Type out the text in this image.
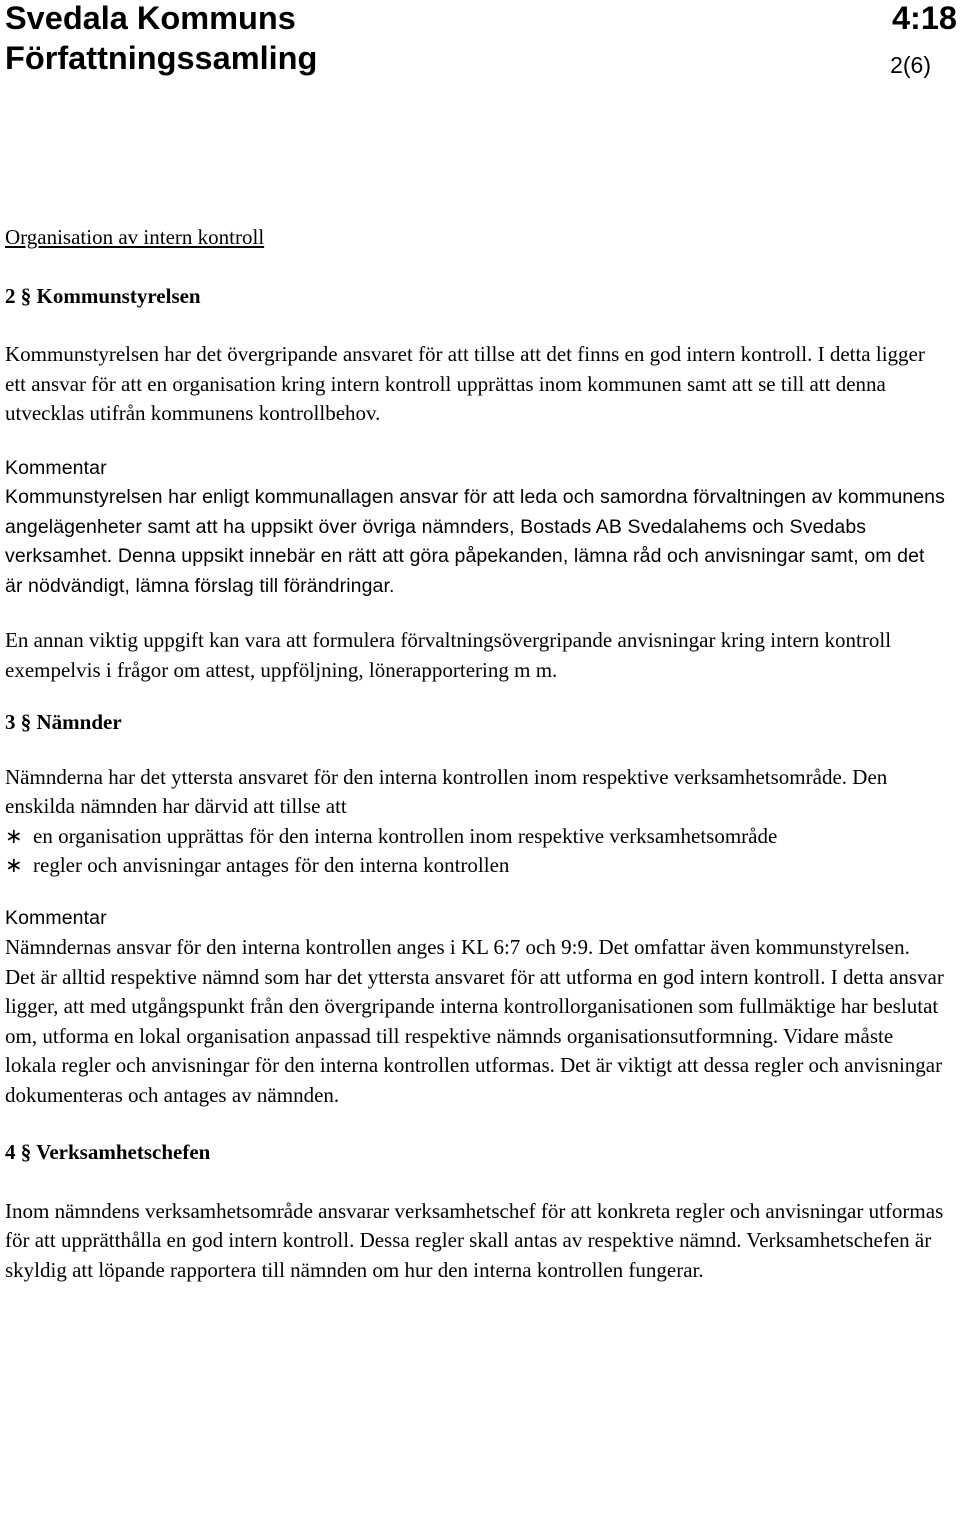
Svedala Kommuns
Författningssamling
4:18
2(6)

Organisation av intern kontroll

2 § Kommunstyrelsen

Kommunstyrelsen har det övergripande ansvaret för att tillse att det finns en god intern kontroll. I detta ligger ett ansvar för att en organisation kring intern kontroll upprättas inom kommunen samt att se till att denna utvecklas utifrån kommunens kontrollbehov.

Kommentar

Kommunstyrelsen har enligt kommunallagen ansvar för att leda och samordna förvaltningen av kommunens angelägenheter samt att ha uppsikt över övriga nämnders, Bostads AB Svedalahems och Svedabs verksamhet. Denna uppsikt innebär en rätt att göra påpekanden, lämna råd och anvisningar samt, om det är nödvändigt, lämna förslag till förändringar.

En annan viktig uppgift kan vara att formulera förvaltningsövergripande anvisningar kring intern kontroll exempelvis i frågor om attest, uppföljning, lönerapportering m m.

3 § Nämnder

Nämnderna har det yttersta ansvaret för den interna kontrollen inom respektive verksamhetsområde. Den enskilda nämnden har därvid att tillse att

∗ en organisation upprättas för den interna kontrollen inom respektive verksamhetsområde
∗ regler och anvisningar antages för den interna kontrollen

Kommentar

Nämndernas ansvar för den interna kontrollen anges i KL 6:7 och 9:9. Det omfattar även kommunstyrelsen. Det är alltid respektive nämnd som har det yttersta ansvaret för att utforma en god intern kontroll. I detta ansvar ligger, att med utgångspunkt från den övergripande interna kontrollorganisationen som fullmäktige har beslutat om, utforma en lokal organisation anpassad till respektive nämnds organisationsutformning. Vidare måste lokala regler och anvisningar för den interna kontrollen utformas. Det är viktigt att dessa regler och anvisningar dokumenteras och antages av nämnden.

4 § Verksamhetschefen

Inom nämndens verksamhetsområde ansvarar verksamhetschef för att konkreta regler och anvisningar utformas för att upprätthålla en god intern kontroll. Dessa regler skall antas av respektive nämnd. Verksamhetschefen är skyldig att löpande rapportera till nämnden om hur den interna kontrollen fungerar.
